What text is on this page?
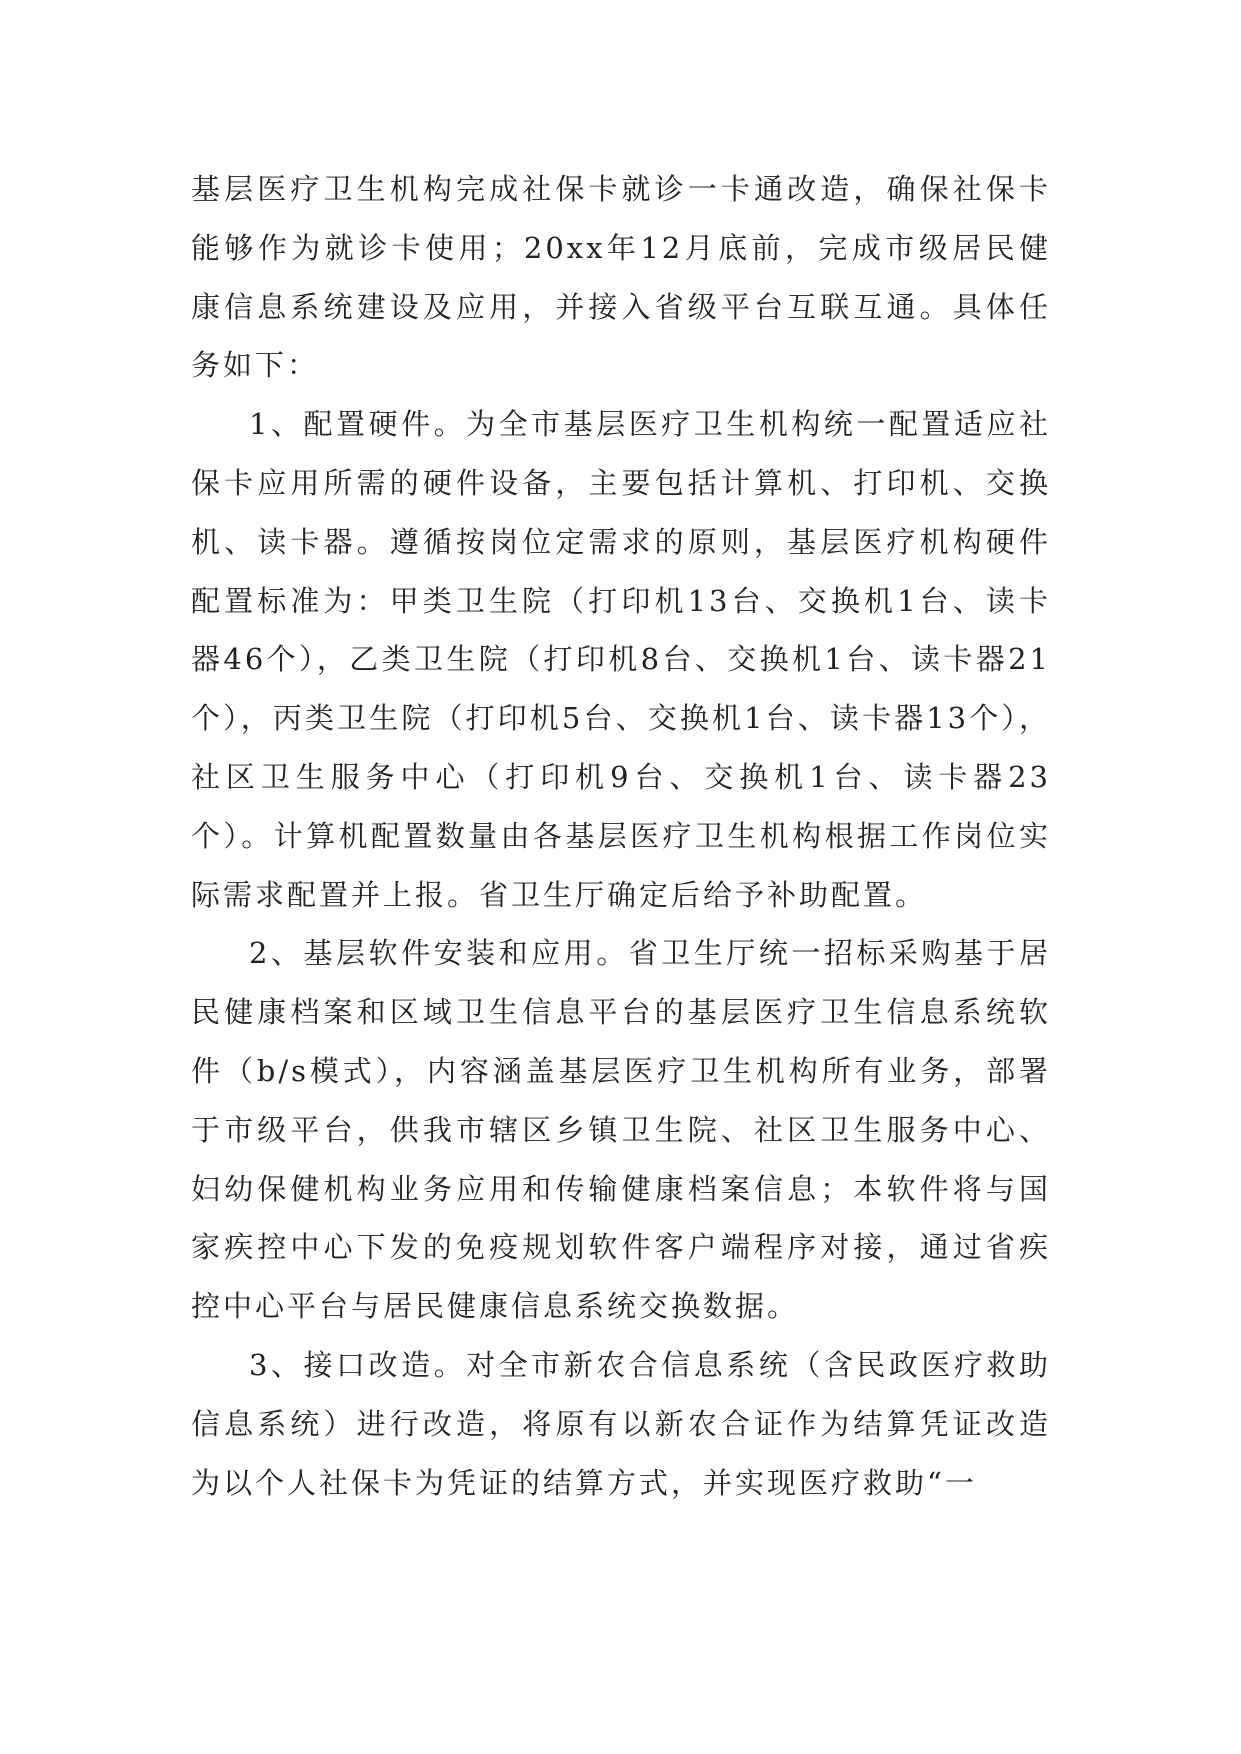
基层医疗卫生机构完成社保卡就诊一卡通改造，确保社保卡能够作为就诊卡使用；20xx年12月底前，完成市级居民健康信息系统建设及应用，并接入省级平台互联互通。具体任务如下：

1、配置硬件。为全市基层医疗卫生机构统一配置适应社保卡应用所需的硬件设备，主要包括计算机、打印机、交换机、读卡器。遵循按岗位定需求的原则，基层医疗机构硬件配置标准为：甲类卫生院（打印机13台、交换机1台、读卡器46个），乙类卫生院（打印机8台、交换机1台、读卡器21个），丙类卫生院（打印机5台、交换机1台、读卡器13个），社区卫生服务中心（打印机9台、交换机1台、读卡器23个）。计算机配置数量由各基层医疗卫生机构根据工作岗位实际需求配置并上报。省卫生厅确定后给予补助配置。

2、基层软件安装和应用。省卫生厅统一招标采购基于居民健康档案和区域卫生信息平台的基层医疗卫生信息系统软件（b/s模式），内容涵盖基层医疗卫生机构所有业务，部署于市级平台，供我市辖区乡镇卫生院、社区卫生服务中心、妇幼保健机构业务应用和传输健康档案信息；本软件将与国家疾控中心下发的免疫规划软件客户端程序对接，通过省疾控中心平台与居民健康信息系统交换数据。

3、接口改造。对全市新农合信息系统（含民政医疗救助信息系统）进行改造，将原有以新农合证作为结算凭证改造为以个人社保卡为凭证的结算方式，并实现医疗救助“一
